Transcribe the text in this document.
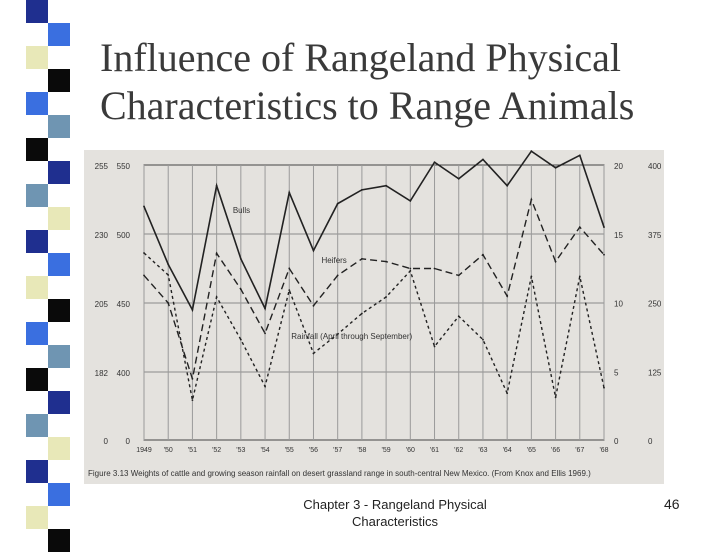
Influence of Rangeland Physical
Characteristics to Range Animals
550
255
500
230
450
205
400
182
0
0
20	400
15	375
10	250
5	125
0	0
1949 '50 '51 '52 '53 '54 '55 '56 '57 '58 '59 '60 '61 '62 '63 '64 '65 '66 '67 '68
Bulls
Heifers
Rainfall (April through September)
Figure 3.13 Weights of cattle and growing season rainfall on desert grassland range in south-central New Mexico. (From Knox and Ellis 1969.)
Chapter 3 - Rangeland Physical
Characteristics
46
